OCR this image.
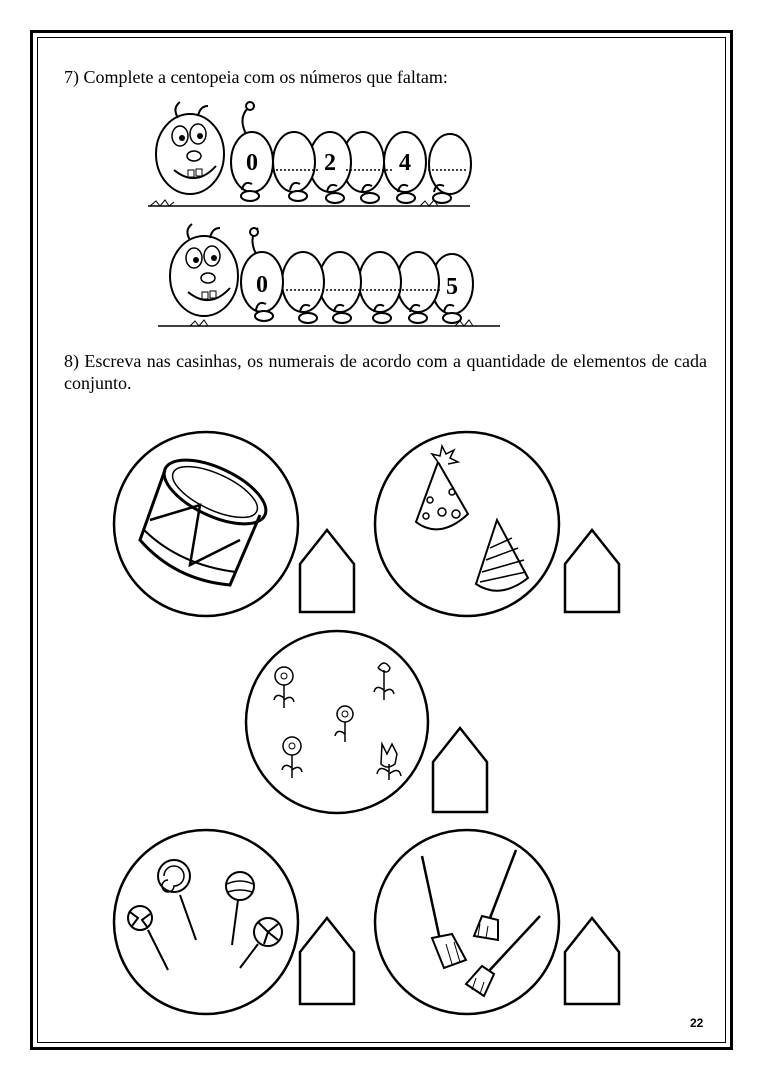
7) Complete a centopeia com os números que faltam:
0	2	4
0	5
8) Escreva nas casinhas, os numerais de acordo com a quantidade de elementos de cada conjunto.
22
